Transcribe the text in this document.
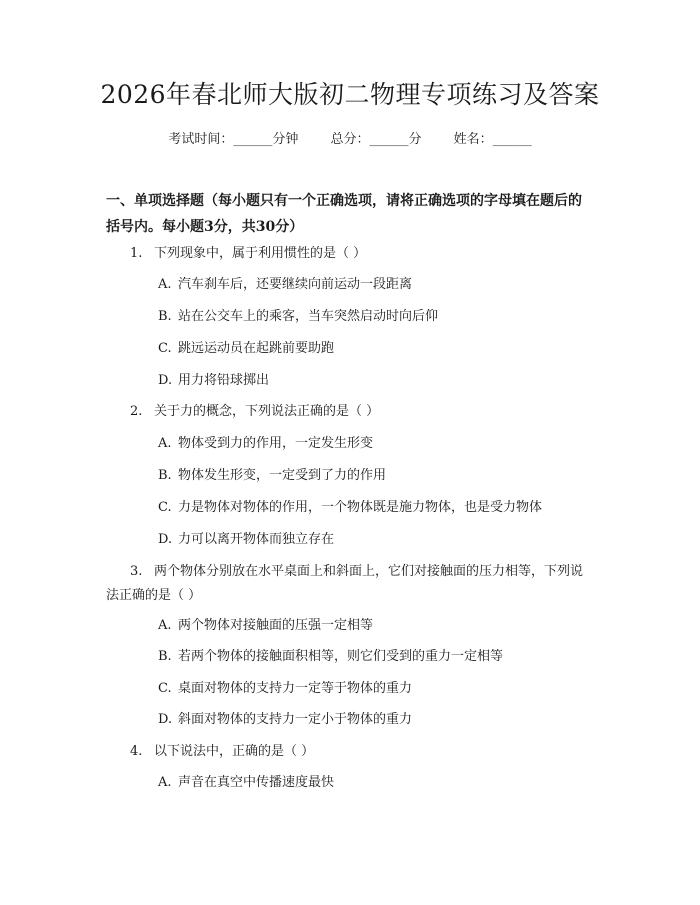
2026年春北师大版初二物理专项练习及答案
考试时间：______分钟 总分：______分 姓名：______
一、单项选择题（每小题只有一个正确选项，请将正确选项的字母填在题后的括号内。每小题3分，共30分）
1. 下列现象中，属于利用惯性的是（ ）
A. 汽车刹车后，还要继续向前运动一段距离
B. 站在公交车上的乘客，当车突然启动时向后仰
C. 跳远运动员在起跳前要助跑
D. 用力将铅球掷出
2. 关于力的概念，下列说法正确的是（ ）
A. 物体受到力的作用，一定发生形变
B. 物体发生形变，一定受到了力的作用
C. 力是物体对物体的作用，一个物体既是施力物体，也是受力物体
D. 力可以离开物体而独立存在
3. 两个物体分别放在水平桌面上和斜面上，它们对接触面的压力相等，下列说法正确的是（ ）
A. 两个物体对接触面的压强一定相等
B. 若两个物体的接触面积相等，则它们受到的重力一定相等
C. 桌面对物体的支持力一定等于物体的重力
D. 斜面对物体的支持力一定小于物体的重力
4. 以下说法中，正确的是（ ）
A. 声音在真空中传播速度最快
